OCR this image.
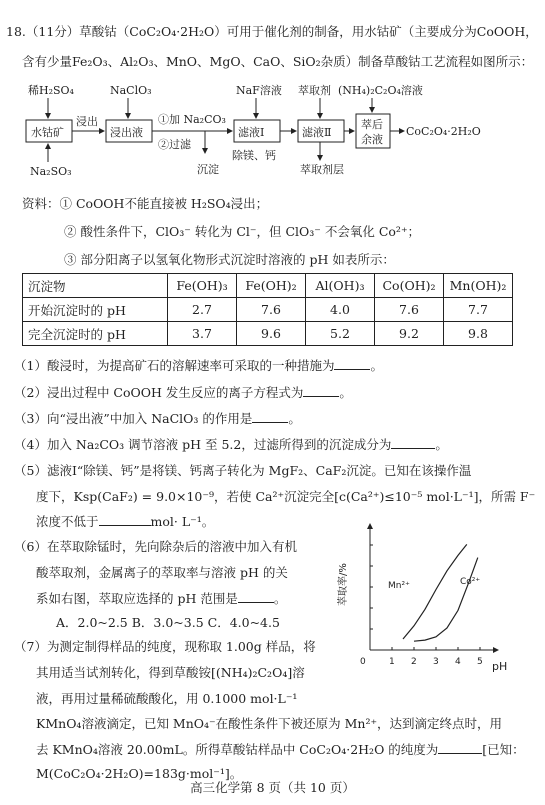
18.（11分）草酸钴（CoC₂O₄·2H₂O）可用于催化剂的制备，用水钴矿（主要成分为CoOOH，
含有少量Fe₂O₃、Al₂O₃、MnO、MgO、CaO、SiO₂杂质）制备草酸钴工艺流程如图所示：
稀H₂SO₄
水钴矿
Na₂SO₃
浸出
NaClO₃
浸出液
①加 Na₂CO₃
②过滤
沉淀
NaF溶液
滤液Ⅰ
除镁、钙
萃取剂
滤液Ⅱ
萃取剂层
(NH₄)₂C₂O₄溶液
萃后
余液
CoC₂O₄·2H₂O
资料：① CoOOH不能直接被 H₂SO₄浸出；
② 酸性条件下，ClO₃⁻ 转化为 Cl⁻，但 ClO₃⁻ 不会氧化 Co²⁺；
③ 部分阳离子以氢氧化物形式沉淀时溶液的 pH 如表所示：
沉淀物	Fe(OH)₃	Fe(OH)₂	Al(OH)₃	Co(OH)₂	Mn(OH)₂
开始沉淀时的 pH	2.7	7.6	4.0	7.6	7.7
完全沉淀时的 pH	3.7	9.6	5.2	9.2	9.8
（1）酸浸时，为提高矿石的溶解速率可采取的一种措施为	。
（2）浸出过程中 CoOOH 发生反应的离子方程式为	。
（3）向“浸出液”中加入 NaClO₃ 的作用是	。
（4）加入 Na₂CO₃ 调节溶液 pH 至 5.2，过滤所得到的沉淀成分为	。
（5）滤液Ⅰ“除镁、钙”是将镁、钙离子转化为 MgF₂、CaF₂沉淀。已知在该操作温
度下，Ksp(CaF₂) = 9.0×10⁻⁹，若使 Ca²⁺沉淀完全[c(Ca²⁺)≤10⁻⁵ mol·L⁻¹]，所需 F⁻
浓度不低于	mol· L⁻¹。
（6）在萃取除锰时，先向除杂后的溶液中加入有机
酸萃取剂，金属离子的萃取率与溶液 pH 的关
系如右图，萃取应选择的 pH 范围是	。
A．2.0~2.5 B．3.0~3.5 C．4.0~4.5
（7）为测定制得样品的纯度，现称取 1.00g 样品，将
其用适当试剂转化，得到草酸铵[(NH₄)₂C₂O₄]溶
液，再用过量稀硫酸酸化，用 0.1000 mol·L⁻¹
KMnO₄溶液滴定，已知 MnO₄⁻在酸性条件下被还原为 Mn²⁺，达到滴定终点时，用
去 KMnO₄溶液 20.00mL。所得草酸钴样品中 CoC₂O₄·2H₂O 的纯度为	[已知：
M(CoC₂O₄·2H₂O)=183g·mol⁻¹]。
萃取率/%
pH
0	1 2 3 4 5
Mn²⁺	Co²⁺
高三化学第 8 页（共 10 页）
